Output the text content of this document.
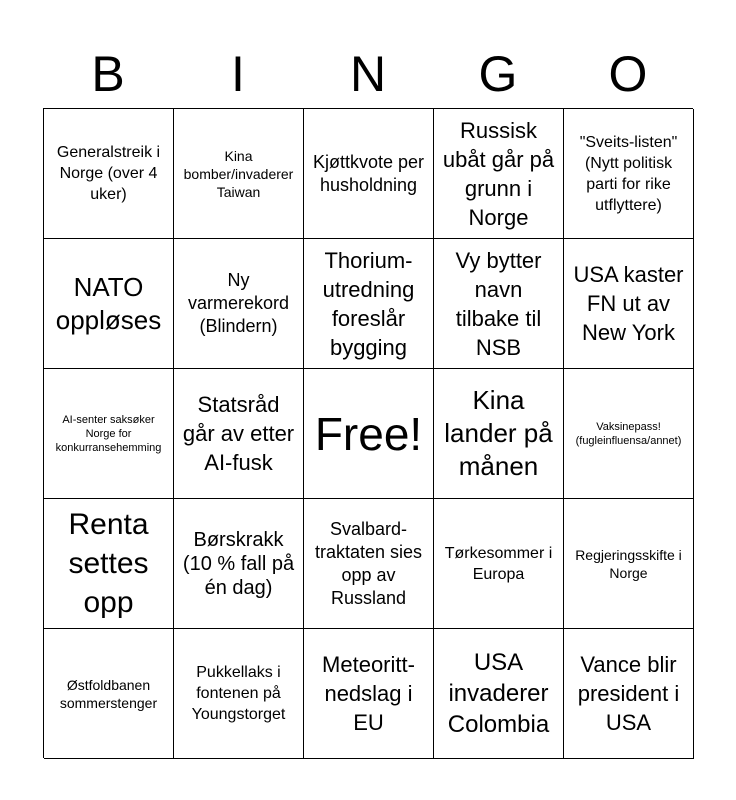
B	I	N	G	O
Generalstreik i Norge (over 4 uker)
Kina bomber/invaderer Taiwan
Kjøttkvote per husholdning
Russisk ubåt går på grunn i Norge
"Sveits-listen" (Nytt politisk parti for rike utflyttere)
NATO oppløses
Ny varmerekord (Blindern)
Thorium-utredning foreslår bygging
Vy bytter navn tilbake til NSB
USA kaster FN ut av New York
AI-senter saksøker Norge for konkurransehemming
Statsråd går av etter AI-fusk
Free!
Kina lander på månen
Vaksinepass! (fugleinfluensa/annet)
Renta settes opp
Børskrakk (10 % fall på én dag)
Svalbard-traktaten sies opp av Russland
Tørkesommer i Europa
Regjeringsskifte i Norge
Østfoldbanen sommerstenger
Pukkellaks i fontenen på Youngstorget
Meteoritt-nedslag i EU
USA invaderer Colombia
Vance blir president i USA
